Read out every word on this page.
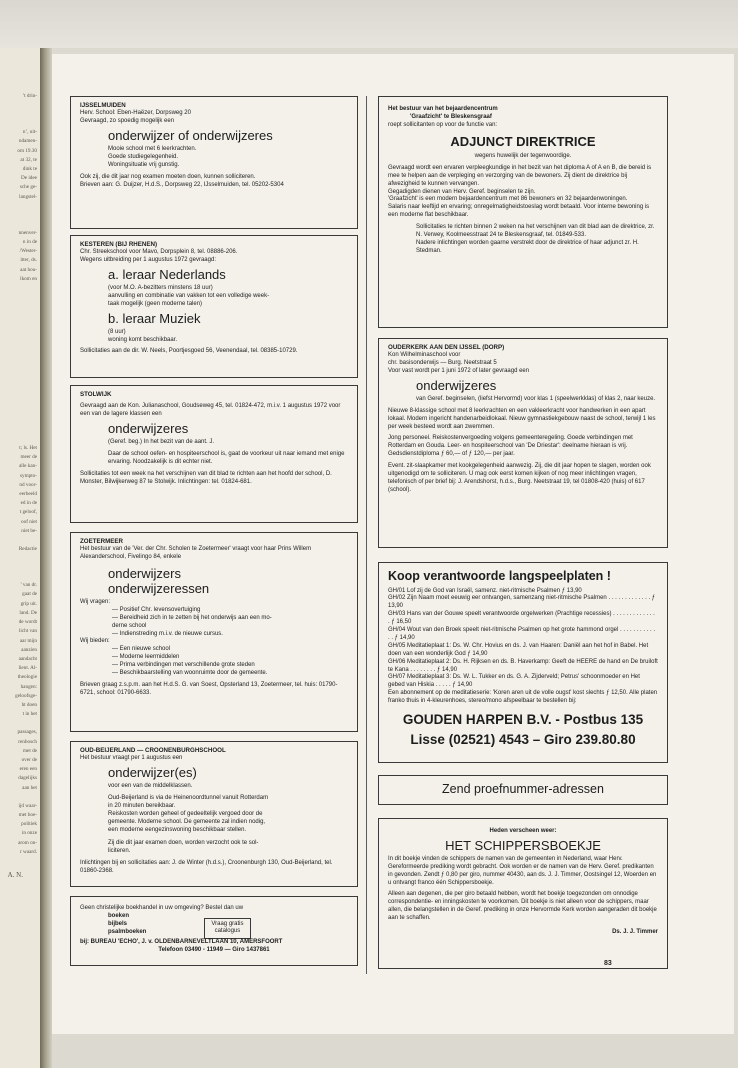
’t drin-
n’, uit-
ndamen-
om 19.30
at 32, te
dink te
De idee
sche ge-
langstel-
nnenver-
n in de
/Wester-
itter, ds.
aat hou-
lkom en
t; ls. Het
meer de
alle kan-
sympto-
nd voor-
eerbeeld
ed in de
t geloof,
oof niet
niet be-
Redactie
’ van dr.
gaat de
grip uit.
land. De
de wordt
licht van
aar mijn
aanzien
aandacht
lient. Al-
theologie
hangen:
geloofsge-
ht doen
t in het
passages,
renbosch
met de
over de
eren een
dagelijks
aan het
ijd waar-
met boe-
politiek
in onze
arom on-
r waard.
A. N.
IJSSELMUIDEN
Herv. School: Eben-Haëzer, Dorpsweg 20
Gevraagd, zo spoedig mogelijk een
onderwijzer of onderwijzeres
Mooie school met 6 leerkrachten.
Goede studiegelegenheid.
Woningsituatie vrij gunstig.
Ook zij, die dit jaar nog examen moeten doen, kunnen solliciteren.
Brieven aan: G. Duijzer, H.d.S., Dorpsweg 22, IJsselmuiden, tel. 05202-5304
KESTEREN (BIJ RHENEN)
Chr. Streekschool voor Mavo, Dorpsplein 8, tel. 08886-206.
Wegens uitbreiding per 1 augustus 1972 gevraagd:
a. leraar Nederlands
(voor M.O. A-bezitters minstens 18 uur)
aanvulling en combinatie van vakken tot een volledige week-
taak mogelijk (geen moderne talen)
b. leraar Muziek
(8 uur)
woning komt beschikbaar.
Sollicitaties aan de dir. W. Neels, Poortjesgoed 56, Veenendaal, tel. 08385-10729.
STOLWIJK
Gevraagd aan de Kon. Julianaschool, Goudseweg 45, tel. 01824-472, m.i.v. 1 augustus 1972 voor een van de lagere klassen een
onderwijzeres
(Geref. beg.) In het bezit van de aant. J.
Daar de school oefen- en hospiteerschool is, gaat de voorkeur uit naar iemand met enige ervaring. Noodzakelijk is dit echter niet.
Sollicitaties tot een week na het verschijnen van dit blad te richten aan het hoofd der school, D. Monster, Bilwijkerweg 87 te Stolwijk. Inlichtingen: tel. 01824-681.
ZOETERMEER
Het bestuur van de 'Ver. der Chr. Scholen te Zoetermeer' vraagt voor haar Prins Willem Alexanderschool, Fivelingo 84, enkele
onderwijzers
onderwijzeressen
Wij vragen:
— Positief Chr. levensovertuiging
— Bereidheid zich in te zetten bij het onderwijs aan een mo-
derne school
— Indienstreding m.i.v. de nieuwe cursus.
Wij bieden:
— Een nieuwe school
— Moderne leermiddelen
— Prima verbindingen met verschillende grote steden
— Beschikbaarstelling van woonruimte door de gemeente.
Brieven graag z.s.p.m. aan het H.d.S. G. van Soest, Opsterland 13, Zoetermeer, tel. huis: 01790-6721, school: 01790-6633.
OUD-BEIJERLAND — CROONENBURGHSCHOOL
Het bestuur vraagt per 1 augustus een
onderwijzer(es)
voor een van de middelklassen.
Oud-Beijerland is via de Heinenoordtunnel vanuit Rotterdam
in 20 minuten bereikbaar.
Reiskosten worden geheel of gedeeltelijk vergoed door de
gemeente. Moderne school. De gemeente zal indien nodig,
een moderne eengezinswoning beschikbaar stellen.
Zij die dit jaar examen doen, worden verzocht ook te sol-
liciteren.
Inlichtingen bij en sollicitaties aan: J. de Winter (h.d.s.), Croonenburgh 130, Oud-Beijerland, tel. 01860-2368.
Geen christelijke boekhandel in uw omgeving? Bestel dan uw
boeken
bijbels
psalmboeken
Vraag gratis
catalogus
bij: BUREAU 'ECHO', J. v. OLDENBARNEVELTLAAN 10, AMERSFOORT
Telefoon 03490 - 11949 — Giro 1437861
Het bestuur van het bejaardencentrum
'Graafzicht' te Bleskensgraaf
roept sollicitanten op voor de functie van:
ADJUNCT DIREKTRICE
wegens huwelijk der tegenwoordige.
Gevraagd wordt een ervaren verpleegkundige in het bezit van het diploma A of A en B, die bereid is mee te helpen aan de verpleging en verzorging van de bewoners. Zij dient de direktrice bij afwezigheid te kunnen vervangen.
Gegadigden dienen van Herv. Geref. beginselen te zijn.
'Graafzicht' is een modern bejaardencentrum met 86 bewoners en 32 bejaardenwoningen.
Salaris naar leeftijd en ervaring; onregelmatigheidstoeslag wordt betaald. Voor interne bewoning is een moderne flat beschikbaar.
Sollicitaties te richten binnen 2 weken na het verschijnen van dit blad aan de direktrice, zr. N. Verwey, Koolmeesstraat 24 te Bleskensgraaf, tel. 01849-533.
Nadere inlichtingen worden gaarne verstrekt door de direktrice of haar adjunct zr. H. Stedman.
OUDERKERK AAN DEN IJSSEL (DORP)
Kon Wilhelminaschool voor
chr. basisonderwijs — Burg. Neetstraat 5
Voor vast wordt per 1 juni 1972 of later gevraagd een
onderwijzeres
van Geref. beginselen, (liefst Hervormd) voor klas 1 (speelwerkklas) of klas 2, naar keuze.
Nieuwe 8-klassige school met 8 leerkrachten en een vakleerkracht voor handwerken in een apart lokaal. Modern ingericht handenarbeidlokaal. Nieuw gymnastiekgebouw naast de school, terwijl 1 les per week besteed wordt aan zwemmen.
Jong personeel. Reiskostenvergoeding volgens gemeenteregeling. Goede verbindingen met Rotterdam en Gouda. Leer- en hospiteerschool van 'De Driestar': deelname hieraan is vrij. Gedsdienstdiploma ƒ 60,— of ƒ 120,— per jaar.
Event. zit-slaapkamer met kookgelegenheid aanwezig. Zij, die dit jaar hopen te slagen, worden ook uitgenodigd om te solliciteren. U mag ook eerst komen kijken of nog meer inlichtingen vragen, telefonisch of per brief bij: J. Arendshorst, h.d.s., Burg. Neetstraat 19, tel 01808-420 (huis) of 617 (school).
Koop verantwoorde langspeelplaten !
GH/01 Lof zij de God van Israël, samenz. niet-ritmische Psalmen ƒ 13,90
GH/02 Zijn Naam moet eeuwig eer ontvangen, samenzang niet-ritmische Psalmen . . . . . . . . . . . . . ƒ 13,90
GH/03 Hans van der Gouwe speelt verantwoorde orgelwerken (Prachtige recessies) . . . . . . . . . . . . . . ƒ 16,50
GH/04 Wout van den Broek speelt niet-ritmische Psalmen op het grote hammond orgel . . . . . . . . . . . . . ƒ 14,90
GH/05 Meditatieplaat 1: Ds. W. Chr. Hovius en ds. J. van Haaren: Daniël aan het hof in Babel. Het doen van een wonderlijk God ƒ 14,90
GH/06 Meditatieplaat 2: Ds. H. Rijksen en ds. B. Haverkamp: Geeft de HEERE de hand en De bruiloft te Kana . . . . . . . . ƒ 14,90
GH/07 Meditatieplaat 3: Ds. W. L. Tukker en ds. G. A. Zijderveld; Petrus' schoonmoeder en Het gebed van Hiskia . . . . . ƒ 14,90
Een abonnement op de meditatieserie: 'Koren aren uit de volle ougst' kost slechts ƒ 12,50. Alle platen franko thuis in 4-kleurenhoes, stereo/mono afspeelbaar te bestellen bij:
GOUDEN HARPEN B.V. - Postbus 135
Lisse (02521) 4543 – Giro 239.80.80
Zend proefnummer-adressen
Heden verscheen weer:
HET SCHIPPERSBOEKJE
In dit boekje vinden de schippers de namen van de gemeenten in Nederland, waar Herv. Gereformeerde prediking wordt gebracht. Ook worden er de namen van de Herv. Geref. predikanten in gevonden. Zendt ƒ 0,80 per giro, nummer 40430, aan ds. J. J. Timmer, Oostsingel 12, Woerden en u ontvangt franco één Schippersboekje.
Alleen aan degenen, die per giro betaald hebben, wordt het boekje toegezonden om onnodige correspondentie- en inningskosten te voorkomen. Dit boekje is niet alleen voor de schippers, maar allen, die belangstellen in de Geref. prediking in onze Hervormde Kerk worden aangeraden dit boekje aan te schaffen.
Ds. J. J. Timmer
83
